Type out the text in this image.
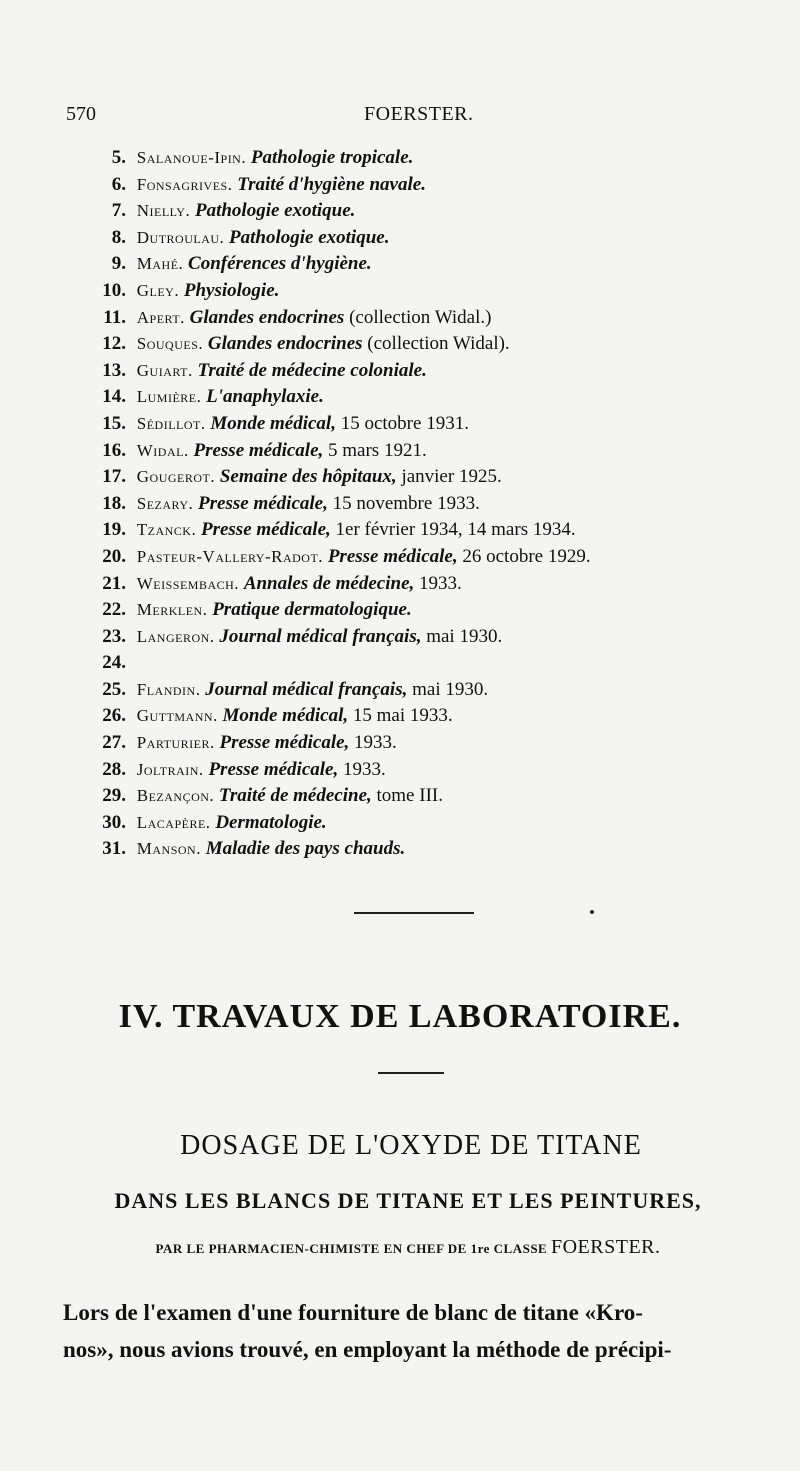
570	FOERSTER.
5. Salanoue-Ipin. Pathologie tropicale.
6. Fonsagrives. Traité d'hygiène navale.
7. Nielly. Pathologie exotique.
8. Dutroulau. Pathologie exotique.
9. Mahé. Conférences d'hygiène.
10. Gley. Physiologie.
11. Apert. Glandes endocrines (collection Widal.)
12. Souques. Glandes endocrines (collection Widal).
13. Guiart. Traité de médecine coloniale.
14. Lumière. L'anaphylaxie.
15. Sédillot. Monde médical, 15 octobre 1931.
16. Widal. Presse médicale, 5 mars 1921.
17. Gougerot. Semaine des hôpitaux, janvier 1925.
18. Sezary. Presse médicale, 15 novembre 1933.
19. Tzanck. Presse médicale, 1er février 1934, 14 mars 1934.
20. Pasteur-Vallery-Radot. Presse médicale, 26 octobre 1929.
21. Weissembach. Annales de médecine, 1933.
22. Merklen. Pratique dermatologique.
23. Langeron. Journal médical français, mai 1930.
24.
25. Flandin. Journal médical français, mai 1930.
26. Guttmann. Monde médical, 15 mai 1933.
27. Parturier. Presse médicale, 1933.
28. Joltrain. Presse médicale, 1933.
29. Bezançon. Traité de médecine, tome III.
30. Lacapère. Dermatologie.
31. Manson. Maladie des pays chauds.
IV. TRAVAUX DE LABORATOIRE.
DOSAGE DE L'OXYDE DE TITANE
DANS LES BLANCS DE TITANE ET LES PEINTURES,
PAR LE PHARMACIEN-CHIMISTE EN CHEF DE 1re CLASSE FOERSTER.
Lors de l'examen d'une fourniture de blanc de titane «Kro-
nos», nous avions trouvé, en employant la méthode de précipi-
